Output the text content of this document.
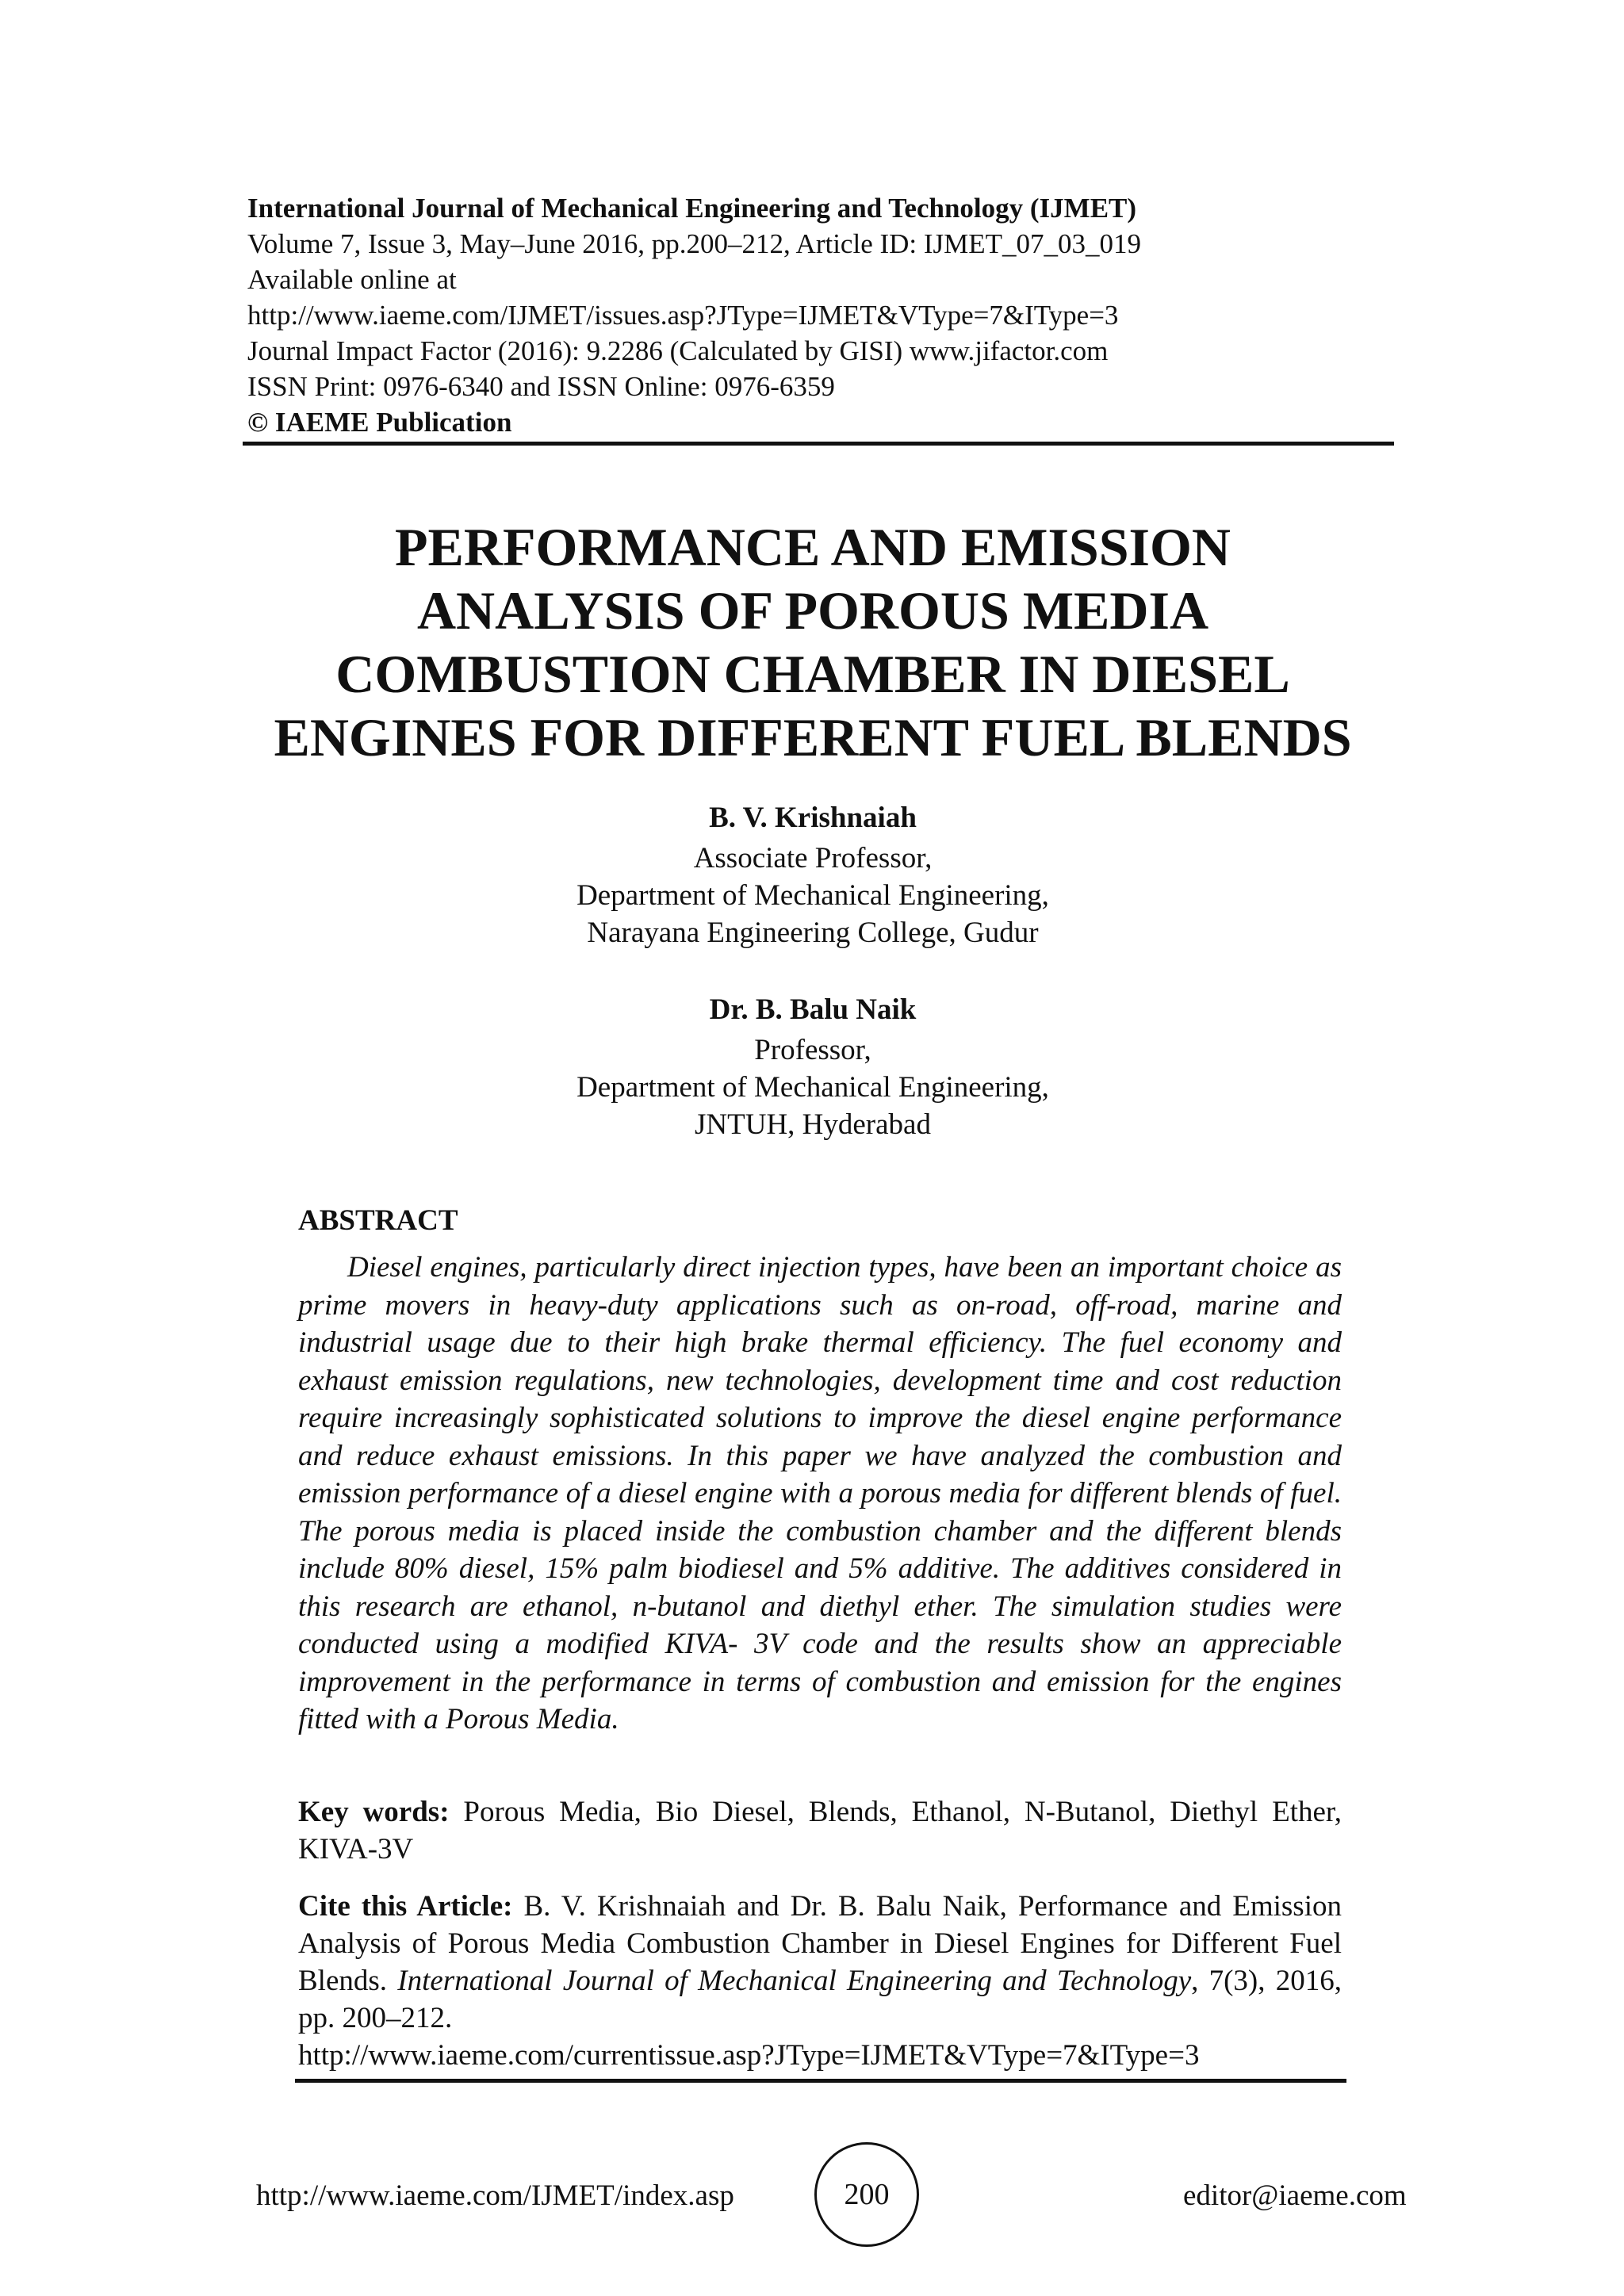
International Journal of Mechanical Engineering and Technology (IJMET)
Volume 7, Issue 3, May–June 2016, pp.200–212, Article ID: IJMET_07_03_019
Available online at
http://www.iaeme.com/IJMET/issues.asp?JType=IJMET&VType=7&IType=3
Journal Impact Factor (2016): 9.2286 (Calculated by GISI) www.jifactor.com
ISSN Print: 0976-6340 and ISSN Online: 0976-6359
© IAEME Publication
PERFORMANCE AND EMISSION
ANALYSIS OF POROUS MEDIA
COMBUSTION CHAMBER IN DIESEL
ENGINES FOR DIFFERENT FUEL BLENDS
B. V. Krishnaiah
Associate Professor,
Department of Mechanical Engineering,
Narayana Engineering College, Gudur
Dr. B. Balu Naik
Professor,
Department of Mechanical Engineering,
JNTUH, Hyderabad
ABSTRACT
Diesel engines, particularly direct injection types, have been an important choice as prime movers in heavy-duty applications such as on-road, off-road, marine and industrial usage due to their high brake thermal efficiency. The fuel economy and exhaust emission regulations, new technologies, development time and cost reduction require increasingly sophisticated solutions to improve the diesel engine performance and reduce exhaust emissions. In this paper we have analyzed the combustion and emission performance of a diesel engine with a porous media for different blends of fuel. The porous media is placed inside the combustion chamber and the different blends include 80% diesel, 15% palm biodiesel and 5% additive. The additives considered in this research are ethanol, n-butanol and diethyl ether. The simulation studies were conducted using a modified KIVA- 3V code and the results show an appreciable improvement in the performance in terms of combustion and emission for the engines fitted with a Porous Media.
Key words: Porous Media, Bio Diesel, Blends, Ethanol, N-Butanol, Diethyl Ether, KIVA-3V
Cite this Article: B. V. Krishnaiah and Dr. B. Balu Naik, Performance and Emission Analysis of Porous Media Combustion Chamber in Diesel Engines for Different Fuel Blends. International Journal of Mechanical Engineering and Technology, 7(3), 2016, pp. 200–212.
http://www.iaeme.com/currentissue.asp?JType=IJMET&VType=7&IType=3
http://www.iaeme.com/IJMET/index.asp	200	editor@iaeme.com
